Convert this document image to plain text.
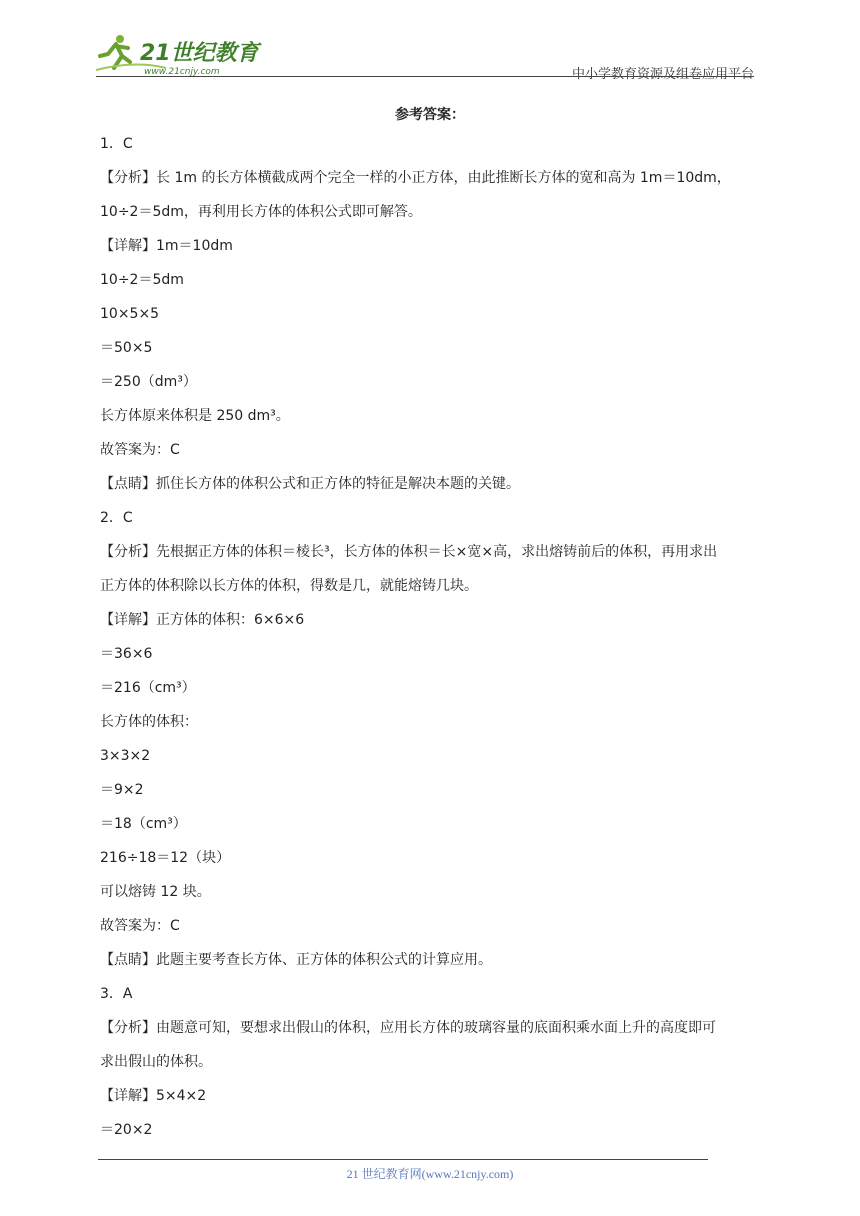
21世纪教育
www.21cnjy.com	中小学教育资源及组卷应用平台
参考答案：
1．C
【分析】长 1m 的长方体横截成两个完全一样的小正方体，由此推断长方体的宽和高为 1m＝10dm，
10÷2＝5dm，再利用长方体的体积公式即可解答。
【详解】1m＝10dm
10÷2＝5dm
10×5×5
＝50×5
＝250（dm³）
长方体原来体积是 250 dm³。
故答案为：C
【点睛】抓住长方体的体积公式和正方体的特征是解决本题的关键。
2．C
【分析】先根据正方体的体积＝棱长³，长方体的体积＝长×宽×高，求出熔铸前后的体积，再用求出
正方体的体积除以长方体的体积，得数是几，就能熔铸几块。
【详解】正方体的体积：6×6×6
＝36×6
＝216（cm³）
长方体的体积：
3×3×2
＝9×2
＝18（cm³）
216÷18＝12（块）
可以熔铸 12 块。
故答案为：C
【点睛】此题主要考查长方体、正方体的体积公式的计算应用。
3．A
【分析】由题意可知，要想求出假山的体积，应用长方体的玻璃容量的底面积乘水面上升的高度即可
求出假山的体积。
【详解】5×4×2
＝20×2
21 世纪教育网(www.21cnjy.com)
